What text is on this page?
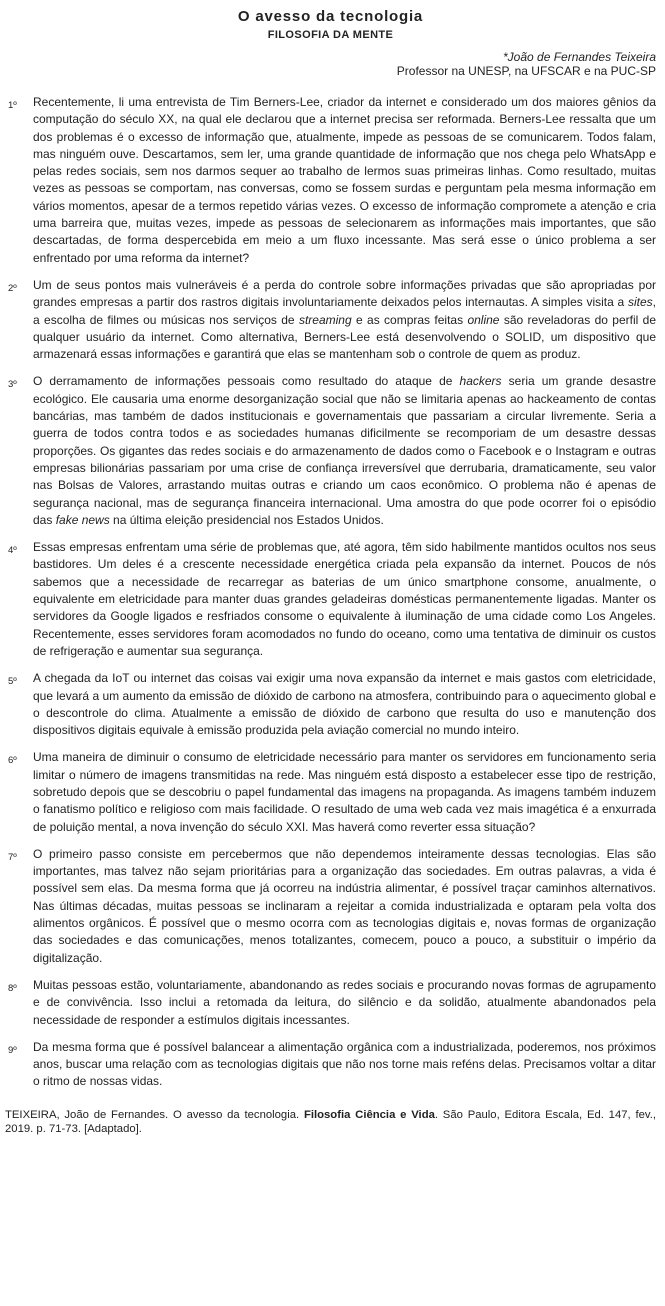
O avesso da tecnologia
FILOSOFIA DA MENTE
*João de Fernandes Teixeira
Professor na UNESP, na UFSCAR e na PUC-SP
1º Recentemente, li uma entrevista de Tim Berners-Lee, criador da internet e considerado um dos maiores gênios da computação do século XX, na qual ele declarou que a internet precisa ser reformada. Berners-Lee ressalta que um dos problemas é o excesso de informação que, atualmente, impede as pessoas de se comunicarem. Todos falam, mas ninguém ouve. Descartamos, sem ler, uma grande quantidade de informação que nos chega pelo WhatsApp e pelas redes sociais, sem nos darmos sequer ao trabalho de lermos suas primeiras linhas. Como resultado, muitas vezes as pessoas se comportam, nas conversas, como se fossem surdas e perguntam pela mesma informação em vários momentos, apesar de a termos repetido várias vezes. O excesso de informação compromete a atenção e cria uma barreira que, muitas vezes, impede as pessoas de selecionarem as informações mais importantes, que são descartadas, de forma despercebida em meio a um fluxo incessante. Mas será esse o único problema a ser enfrentado por uma reforma da internet?
2º Um de seus pontos mais vulneráveis é a perda do controle sobre informações privadas que são apropriadas por grandes empresas a partir dos rastros digitais involuntariamente deixados pelos internautas. A simples visita a sites, a escolha de filmes ou músicas nos serviços de streaming e as compras feitas online são reveladoras do perfil de qualquer usuário da internet. Como alternativa, Berners-Lee está desenvolvendo o SOLID, um dispositivo que armazenará essas informações e garantirá que elas se mantenham sob o controle de quem as produz.
3º O derramamento de informações pessoais como resultado do ataque de hackers seria um grande desastre ecológico. Ele causaria uma enorme desorganização social que não se limitaria apenas ao hackeamento de contas bancárias, mas também de dados institucionais e governamentais que passariam a circular livremente. Seria a guerra de todos contra todos e as sociedades humanas dificilmente se recomporiam de um desastre dessas proporções. Os gigantes das redes sociais e do armazenamento de dados como o Facebook e o Instagram e outras empresas bilionárias passariam por uma crise de confiança irreversível que derrubaria, dramaticamente, seu valor nas Bolsas de Valores, arrastando muitas outras e criando um caos econômico. O problema não é apenas de segurança nacional, mas de segurança financeira internacional. Uma amostra do que pode ocorrer foi o episódio das fake news na última eleição presidencial nos Estados Unidos.
4º Essas empresas enfrentam uma série de problemas que, até agora, têm sido habilmente mantidos ocultos nos seus bastidores. Um deles é a crescente necessidade energética criada pela expansão da internet. Poucos de nós sabemos que a necessidade de recarregar as baterias de um único smartphone consome, anualmente, o equivalente em eletricidade para manter duas grandes geladeiras domésticas permanentemente ligadas. Manter os servidores da Google ligados e resfriados consome o equivalente à iluminação de uma cidade como Los Angeles. Recentemente, esses servidores foram acomodados no fundo do oceano, como uma tentativa de diminuir os custos de refrigeração e aumentar sua segurança.
5º A chegada da IoT ou internet das coisas vai exigir uma nova expansão da internet e mais gastos com eletricidade, que levará a um aumento da emissão de dióxido de carbono na atmosfera, contribuindo para o aquecimento global e o descontrole do clima. Atualmente a emissão de dióxido de carbono que resulta do uso e manutenção dos dispositivos digitais equivale à emissão produzida pela aviação comercial no mundo inteiro.
6º Uma maneira de diminuir o consumo de eletricidade necessário para manter os servidores em funcionamento seria limitar o número de imagens transmitidas na rede. Mas ninguém está disposto a estabelecer esse tipo de restrição, sobretudo depois que se descobriu o papel fundamental das imagens na propaganda. As imagens também induzem o fanatismo político e religioso com mais facilidade. O resultado de uma web cada vez mais imagética é a enxurrada de poluição mental, a nova invenção do século XXI. Mas haverá como reverter essa situação?
7º O primeiro passo consiste em percebermos que não dependemos inteiramente dessas tecnologias. Elas são importantes, mas talvez não sejam prioritárias para a organização das sociedades. Em outras palavras, a vida é possível sem elas. Da mesma forma que já ocorreu na indústria alimentar, é possível traçar caminhos alternativos. Nas últimas décadas, muitas pessoas se inclinaram a rejeitar a comida industrializada e optaram pela volta dos alimentos orgânicos. É possível que o mesmo ocorra com as tecnologias digitais e, novas formas de organização das sociedades e das comunicações, menos totalizantes, comecem, pouco a pouco, a substituir o império da digitalização.
8º Muitas pessoas estão, voluntariamente, abandonando as redes sociais e procurando novas formas de agrupamento e de convivência. Isso inclui a retomada da leitura, do silêncio e da solidão, atualmente abandonados pela necessidade de responder a estímulos digitais incessantes.
9º Da mesma forma que é possível balancear a alimentação orgânica com a industrializada, poderemos, nos próximos anos, buscar uma relação com as tecnologias digitais que não nos torne mais reféns delas. Precisamos voltar a ditar o ritmo de nossas vidas.
TEIXEIRA, João de Fernandes. O avesso da tecnologia. Filosofia Ciência e Vida. São Paulo, Editora Escala, Ed. 147, fev., 2019. p. 71-73. [Adaptado].
